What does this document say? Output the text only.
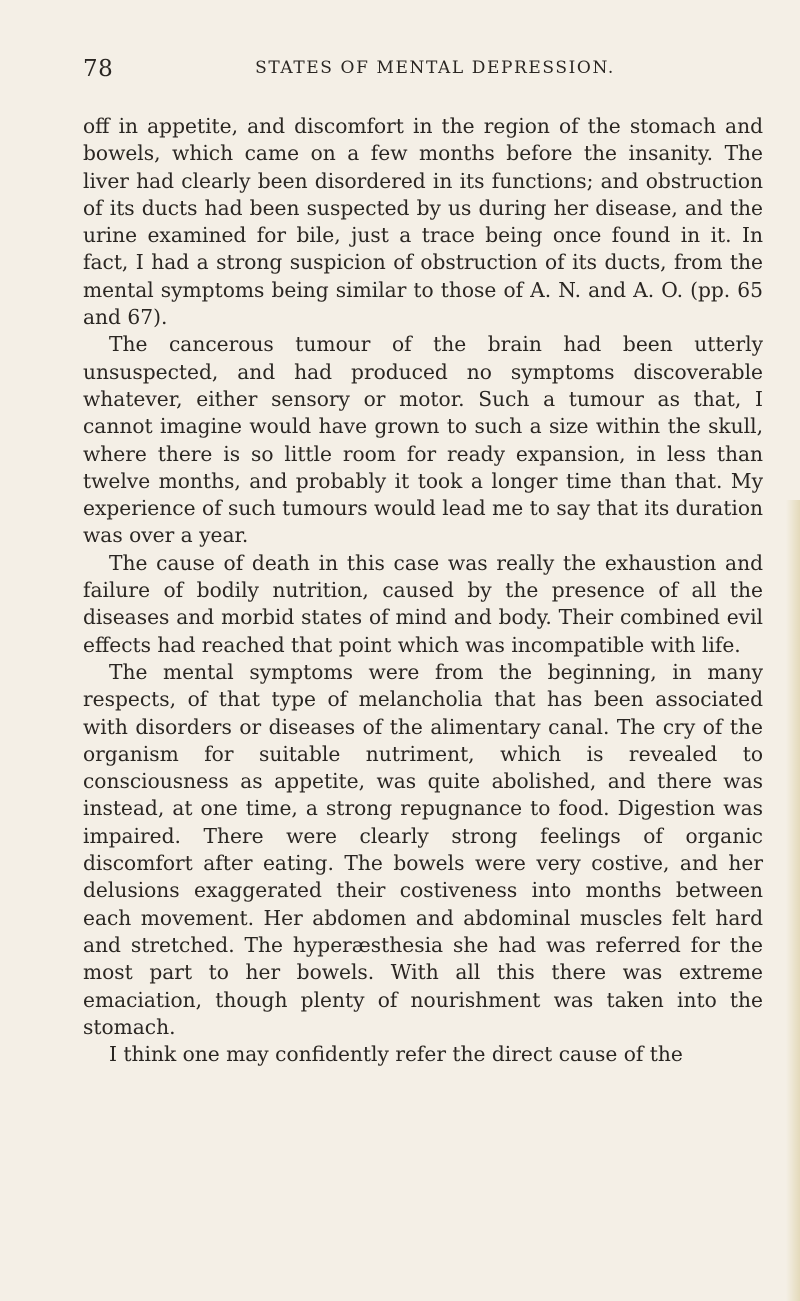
78	STATES OF MENTAL DEPRESSION.

off in appetite, and discomfort in the region of the stomach and bowels, which came on a few months before the insanity. The liver had clearly been disordered in its functions; and obstruction of its ducts had been suspected by us during her disease, and the urine examined for bile, just a trace being once found in it. In fact, I had a strong suspicion of obstruction of its ducts, from the mental symptoms being similar to those of A. N. and A. O. (pp. 65 and 67).

The cancerous tumour of the brain had been utterly unsuspected, and had produced no symptoms discoverable whatever, either sensory or motor. Such a tumour as that, I cannot imagine would have grown to such a size within the skull, where there is so little room for ready expansion, in less than twelve months, and probably it took a longer time than that. My experience of such tumours would lead me to say that its duration was over a year.

The cause of death in this case was really the exhaustion and failure of bodily nutrition, caused by the presence of all the diseases and morbid states of mind and body. Their combined evil effects had reached that point which was incompatible with life.

The mental symptoms were from the beginning, in many respects, of that type of melancholia that has been associated with disorders or diseases of the alimentary canal. The cry of the organism for suitable nutriment, which is revealed to consciousness as appetite, was quite abolished, and there was instead, at one time, a strong repugnance to food. Digestion was impaired. There were clearly strong feelings of organic discomfort after eating. The bowels were very costive, and her delusions exaggerated their costiveness into months between each movement. Her abdomen and abdominal muscles felt hard and stretched. The hyperæsthesia she had was referred for the most part to her bowels. With all this there was extreme emaciation, though plenty of nourishment was taken into the stomach.

I think one may confidently refer the direct cause of the
